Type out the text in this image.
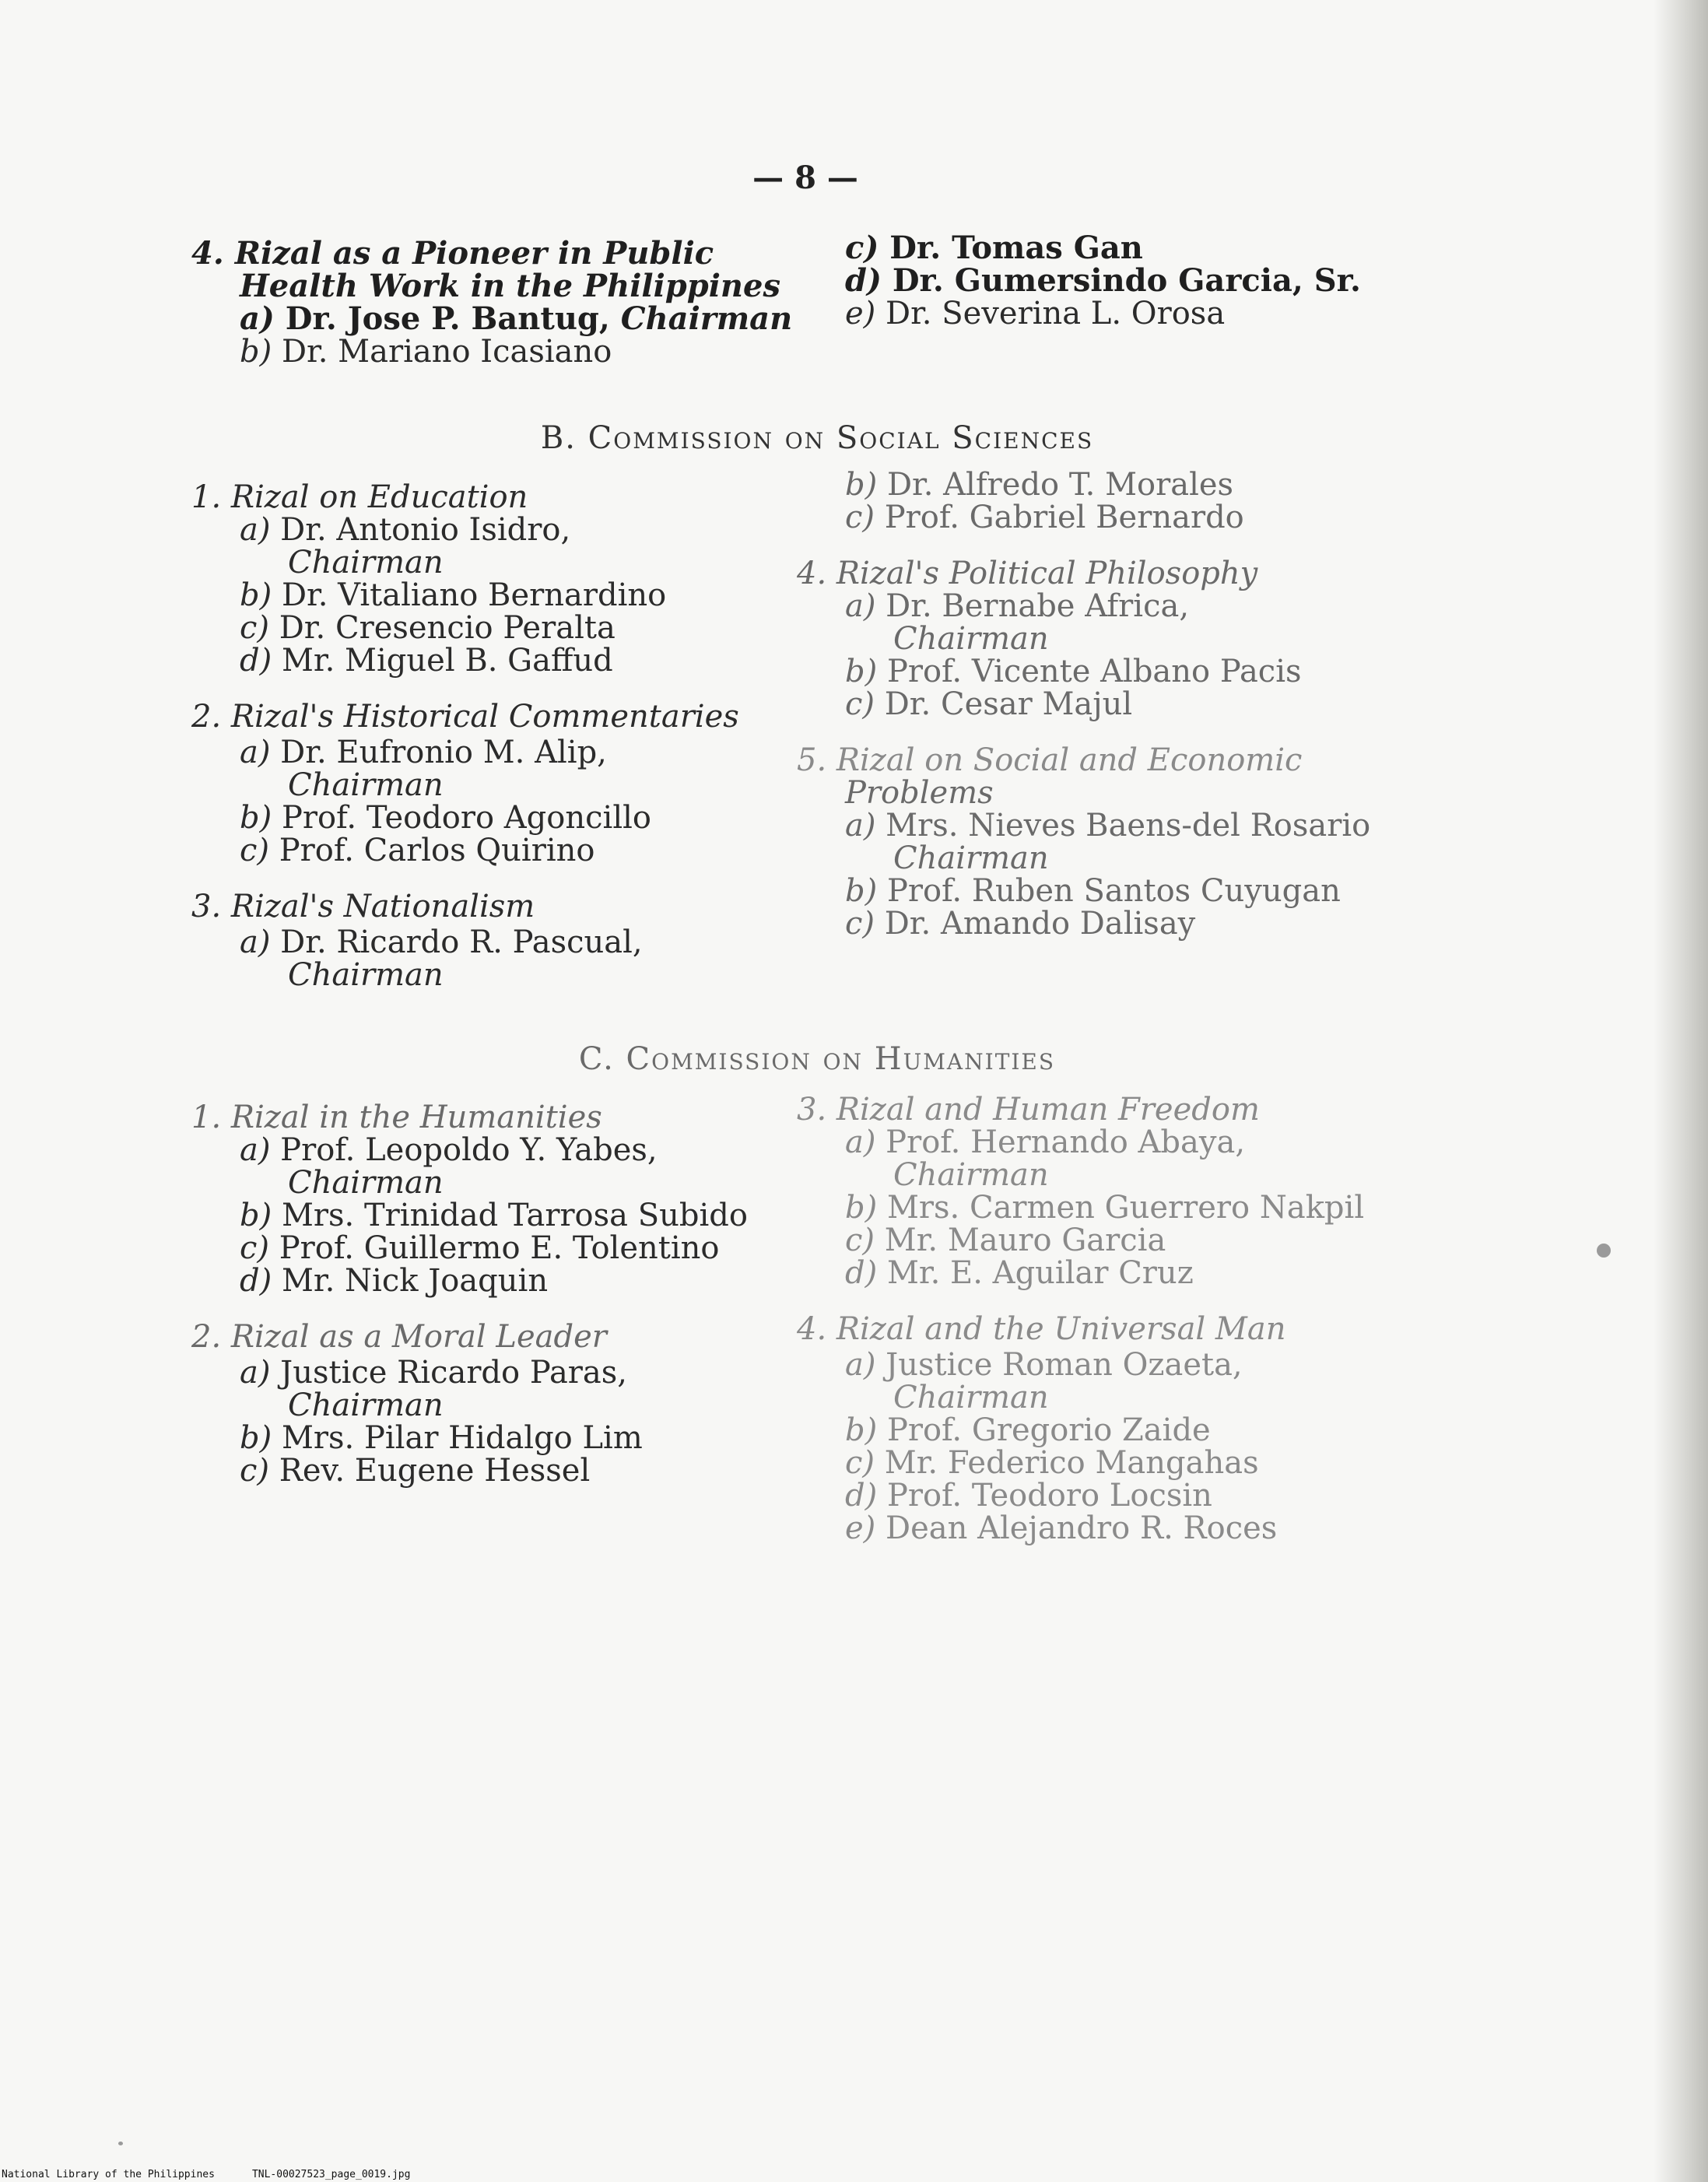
— 8 —
4. Rizal as a Pioneer in Public
Health Work in the Philippines
a) Dr. Jose P. Bantug, Chairman
b) Dr. Mariano Icasiano
c) Dr. Tomas Gan
d) Dr. Gumersindo Garcia, Sr.
e) Dr. Severina L. Orosa
B. Commission on Social Sciences
1. Rizal on Education
a) Dr. Antonio Isidro,
Chairman
b) Dr. Vitaliano Bernardino
c) Dr. Cresencio Peralta
d) Mr. Miguel B. Gaffud
2. Rizal's Historical Commentaries
a) Dr. Eufronio M. Alip,
Chairman
b) Prof. Teodoro Agoncillo
c) Prof. Carlos Quirino
3. Rizal's Nationalism
a) Dr. Ricardo R. Pascual,
Chairman
b) Dr. Alfredo T. Morales
c) Prof. Gabriel Bernardo
4. Rizal's Political Philosophy
a) Dr. Bernabe Africa,
Chairman
b) Prof. Vicente Albano Pacis
c) Dr. Cesar Majul
5. Rizal on Social and Economic
Problems
a) Mrs. Nieves Baens-del Rosario
Chairman
b) Prof. Ruben Santos Cuyugan
c) Dr. Amando Dalisay
C. Commission on Humanities
1. Rizal in the Humanities
a) Prof. Leopoldo Y. Yabes,
Chairman
b) Mrs. Trinidad Tarrosa Subido
c) Prof. Guillermo E. Tolentino
d) Mr. Nick Joaquin
2. Rizal as a Moral Leader
a) Justice Ricardo Paras,
Chairman
b) Mrs. Pilar Hidalgo Lim
c) Rev. Eugene Hessel
3. Rizal and Human Freedom
a) Prof. Hernando Abaya,
Chairman
b) Mrs. Carmen Guerrero Nakpil
c) Mr. Mauro Garcia
d) Mr. E. Aguilar Cruz
4. Rizal and the Universal Man
a) Justice Roman Ozaeta,
Chairman
b) Prof. Gregorio Zaide
c) Mr. Federico Mangahas
d) Prof. Teodoro Locsin
e) Dean Alejandro R. Roces
National Library of the Philippines	TNL-00027523_page_0019.jpg
